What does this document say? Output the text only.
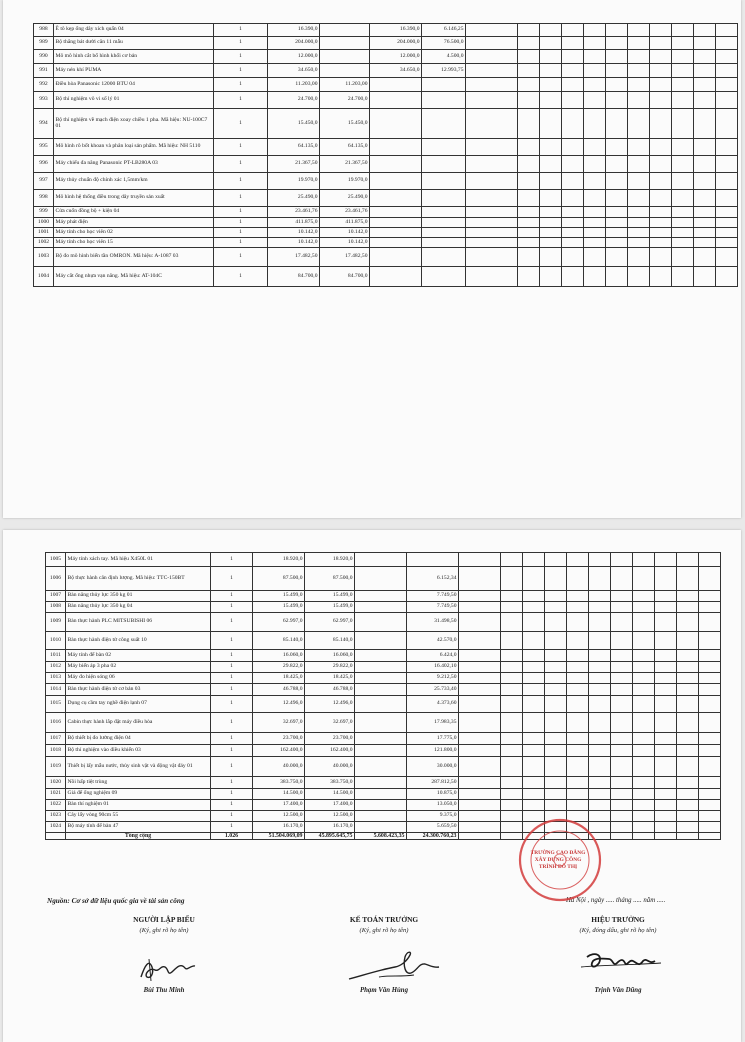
988	Ê tô kẹp ống dây xích quấn 04	1	16.390,0		16.390,0	6.146,25											
989	Bộ thắng bát dười căn 11 mẫu	1	204.000,0		204.000,0	76.500,0											
990	Mô mô hình cắt bổ hình khối cơ bản	1	12.000,0		12.000,0	4.500,0											
991	Máy nén khí PUMA	1	34.650,0		34.650,0	12.993,75											
992	Điều hòa Panasonic 12000 BTU 04	1	11.203,00	11.203,00													
993	Bộ thí nghiệm vô vi số lý 01	1	24.700,0	24.700,0													
994	Bộ thí nghiệm về mạch điện xoay chiều 1 pha. Mã hiệu: NU-100C7 01	1	15.450,0	15.450,0													
995	Mô hình rô bốt khoan và phân loại sản phẩm. Mã hiệu: NH 5110	1	64.135,0	64.135,0													
996	Máy chiếu đa năng Panasonic PT-LB280A 03	1	21.367,50	21.367,50													
997	Máy thủy chuẩn độ chính xác 1,5mm/km	1	19.970,0	19.970,0													
998	Mô hình hệ thống điều trong dây truyền sản xuất	1	25.490,0	25.490,0													
999	Cửa cuốn đồng bộ + kiện 04	1	23.461,76	23.461,76													
1000	Máy phát điện	1	411.875,0	411.875,0													
1001	Máy tính cho học viên 02	1	10.142,0	10.142,0													
1002	Máy tính cho học viên 15	1	10.142,0	10.142,0													
1003	Bộ đo mô hình biến tần OMRON. Mã hiệu: A-1087 03	1	17.482,50	17.482,50													
1004	Máy cắt ống nhựa vạn năng. Mã hiệu: AT-104C	1	84.700,0	84.700,0													
1005	Máy tính xách tay. Mã hiệu X450L 01	1	18.920,0	18.920,0													
1006	Bộ thực hành cân định lượng. Mã hiệu: TTC-150BT	1	87.500,0	87.500,0		6.152,34											
1007	Bàn nâng thủy lực 350 kg 01	1	15.499,0	15.499,0		7.749,50											
1008	Bàn nâng thủy lực 350 kg 04	1	15.499,0	15.499,0		7.749,50											
1009	Bàn thực hành PLC MITSUBISHI 06	1	62.997,0	62.997,0		31.498,50											
1010	Bàn thực hành điện tử công suất 10	1	85.140,0	85.140,0		42.570,0											
1011	Máy tính để bàn 02	1	16.060,0	16.060,0		6.424,0											
1012	Máy biến áp 3 pha 02	1	29.822,0	29.822,0		16.402,10											
1013	Máy đo hiện sóng 06	1	18.425,0	18.425,0		9.212,50											
1014	Bàn thực hành điện tử cơ bản 03	1	46.788,0	46.788,0		25.733,40											
1015	Dụng cụ cầm tay nghề điện lạnh 07	1	12.496,0	12.496,0		4.373,60											
1016	Cabin thực hành lắp đặt máy điều hòa	1	32.697,0	32.697,0		17.983,35											
1017	Bộ thiết bị đo lường điện 04	1	23.700,0	23.700,0		17.775,0											
1018	Bộ thí nghiệm vào điều khiển 03	1	162.400,0	162.400,0		121.800,0											
1019	Thiết bị lấy mẫu nước, thủy sinh vật và động vật đáy 01	1	40.000,0	40.000,0		30.000,0											
1020	Nồi hấp tiệt trùng	1	383.750,0	383.750,0		287.812,50											
1021	Giá để ống nghiệm 09	1	14.500,0	14.500,0		10.875,0											
1022	Bàn thí nghiệm 01	1	17.400,0	17.400,0		13.050,0											
1023	Cây lấy vòng 90cm 55	1	12.500,0	12.500,0		9.375,0											
1024	Bộ máy tính để bàn 47	1	16.170,0	16.170,0		5.659,50											
	Tổng cộng	1.026	51.504.069,09	45.895.645,75	5.608.423,35	24.300.760,23											
Nguồn: Cơ sở dữ liệu quốc gia về tài sản công	Hà Nội , ngày ..... tháng ..... năm .....
TRƯỜNG CAO ĐẲNG XÂY DỰNG CÔNG TRÌNH ĐÔ THỊ
NGƯỜI LẬP BIỂU
(Ký, ghi rõ họ tên)
Bùi Thu Minh
KẾ TOÁN TRƯỞNG
(Ký, ghi rõ họ tên)
Phạm Văn Hùng
HIỆU TRƯỞNG
(Ký, đóng dấu, ghi rõ họ tên)
Trịnh Văn Dũng
